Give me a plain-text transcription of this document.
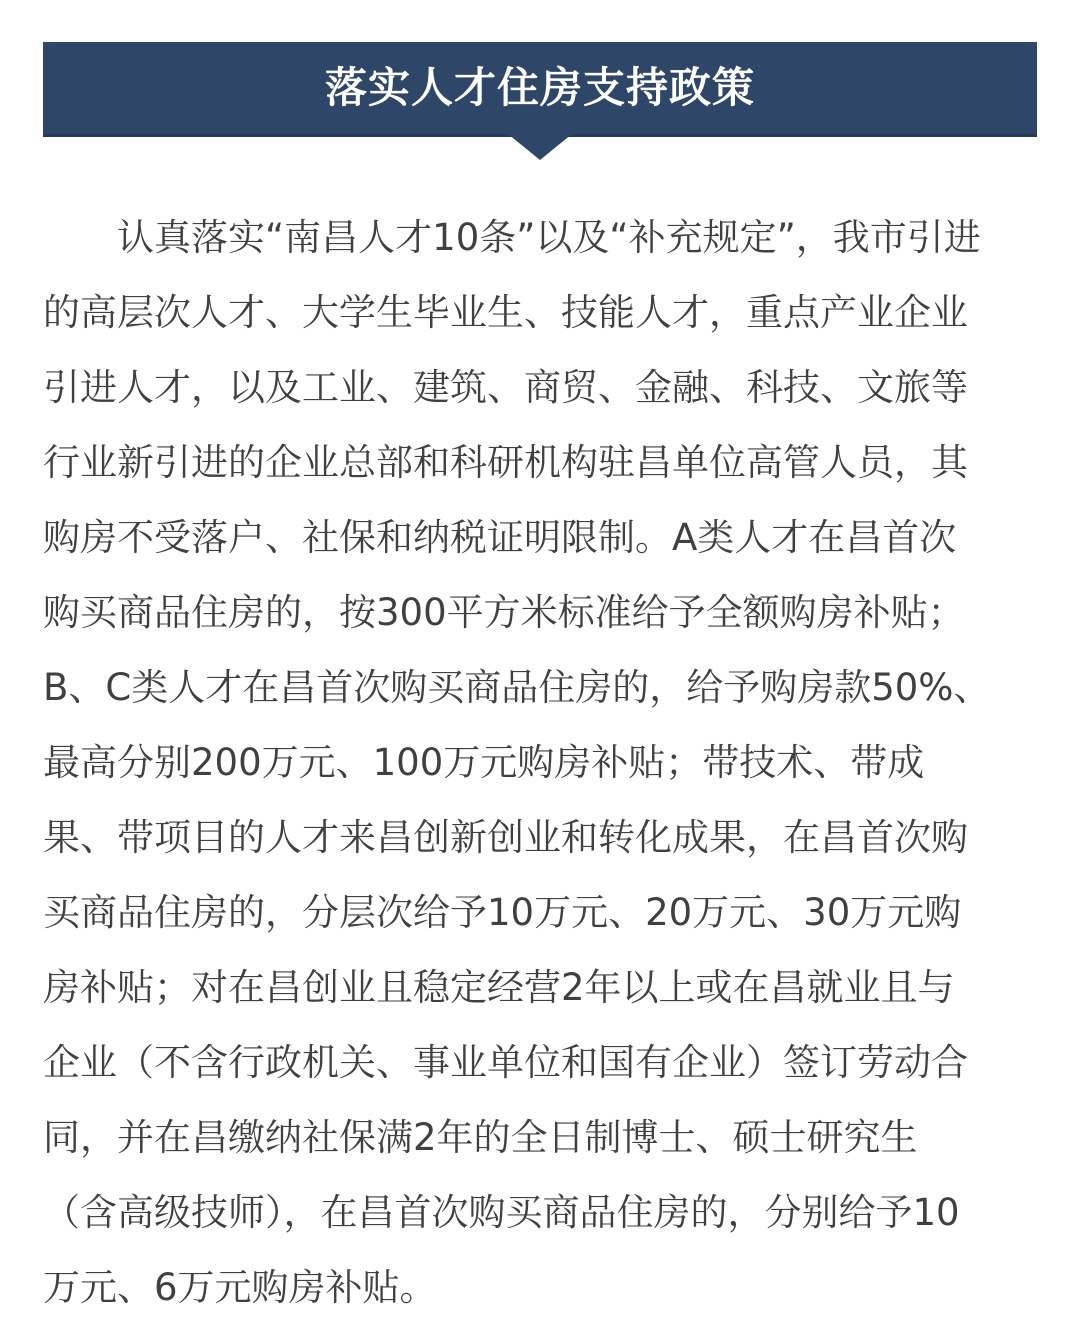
落实人才住房支持政策
　　认真落实“南昌人才10条”以及“补充规定”，我市引进
的高层次人才、大学生毕业生、技能人才，重点产业企业
引进人才，以及工业、建筑、商贸、金融、科技、文旅等
行业新引进的企业总部和科研机构驻昌单位高管人员，其
购房不受落户、社保和纳税证明限制。A类人才在昌首次
购买商品住房的，按300平方米标准给予全额购房补贴；
B、C类人才在昌首次购买商品住房的，给予购房款50%、
最高分别200万元、100万元购房补贴；带技术、带成
果、带项目的人才来昌创新创业和转化成果，在昌首次购
买商品住房的，分层次给予10万元、20万元、30万元购
房补贴；对在昌创业且稳定经营2年以上或在昌就业且与
企业（不含行政机关、事业单位和国有企业）签订劳动合
同，并在昌缴纳社保满2年的全日制博士、硕士研究生
（含高级技师），在昌首次购买商品住房的，分别给予10
万元、6万元购房补贴。
